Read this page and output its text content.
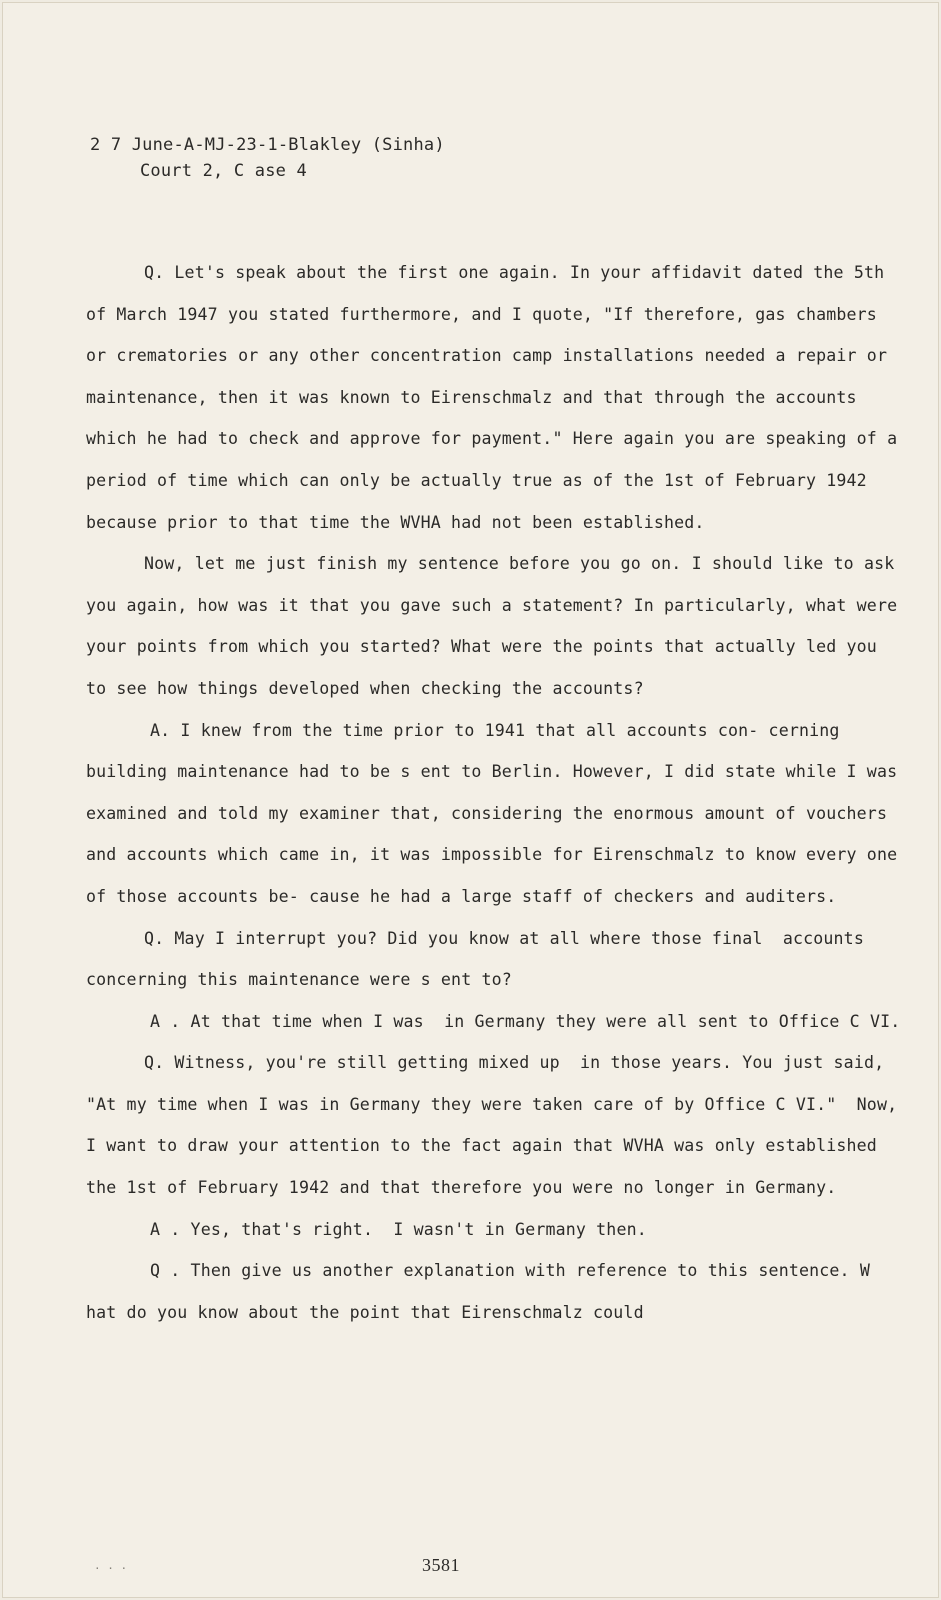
2 7 June-A-MJ-23-1-Blakley (Sinha)
Court 2, C ase 4

Q. Let's speak about the first one again. In your affidavit dated the 5th of March 1947 you stated furthermore, and I quote, "If therefore, gas chambers or crematories or any other concentration camp installations needed a repair or maintenance, then it was known to Eirenschmalz and that through the accounts which he had to check and approve for payment." Here again you are speaking of a period of time which can only be actually true as of the 1st of February 1942 because prior to that time the WVHA had not been established.

Now, let me just finish my sentence before you go on. I should like to ask you again, how was it that you gave such a statement? In particularly, what were your points from which you started? What were the points that actually led you to see how things developed when checking the accounts?

A. I knew from the time prior to 1941 that all accounts con- cerning building maintenance had to be s ent to Berlin. However, I did state while I was examined and told my examiner that, considering the enormous amount of vouchers and accounts which came in, it was impossible for Eirenschmalz to know every one of those accounts be- cause he had a large staff of checkers and auditers.

Q. May I interrupt you? Did you know at all where those final  accounts concerning this maintenance were s ent to?

A . At that time when I was  in Germany they were all sent to Office C VI.

Q. Witness, you're still getting mixed up  in those years. You just said, "At my time when I was in Germany they were taken care of by Office C VI."  Now, I want to draw your attention to the fact again that WVHA was only established the 1st of February 1942 and that therefore you were no longer in Germany.

A . Yes, that's right.  I wasn't in Germany then.

Q . Then give us another explanation with reference to this sentence. W hat do you know about the point that Eirenschmalz could

· · ·	3581
